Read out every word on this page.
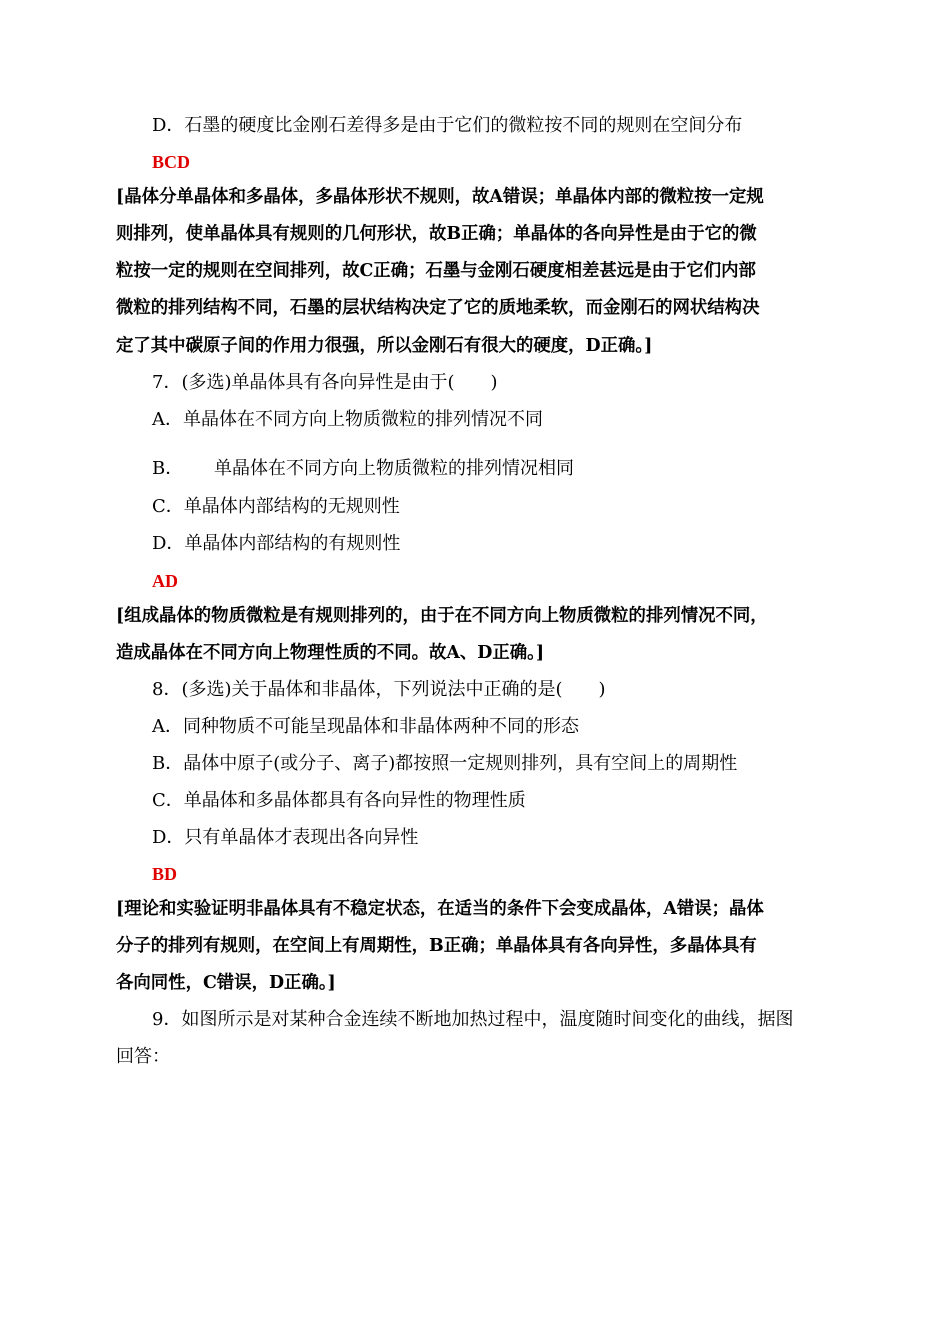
D．石墨的硬度比金刚石差得多是由于它们的微粒按不同的规则在空间分布
BCD
[晶体分单晶体和多晶体，多晶体形状不规则，故A错误；单晶体内部的微粒按一定规
则排列，使单晶体具有规则的几何形状，故B正确；单晶体的各向异性是由于它的微
粒按一定的规则在空间排列，故C正确；石墨与金刚石硬度相差甚远是由于它们内部
微粒的排列结构不同，石墨的层状结构决定了它的质地柔软，而金刚石的网状结构决
定了其中碳原子间的作用力很强，所以金刚石有很大的硬度，D正确。]
7．(多选)单晶体具有各向异性是由于(　　)
A．单晶体在不同方向上物质微粒的排列情况不同
B． 单晶体在不同方向上物质微粒的排列情况相同
C．单晶体内部结构的无规则性
D．单晶体内部结构的有规则性
AD
[组成晶体的物质微粒是有规则排列的，由于在不同方向上物质微粒的排列情况不同，
造成晶体在不同方向上物理性质的不同。故A、D正确。]
8．(多选)关于晶体和非晶体，下列说法中正确的是(　　)
A．同种物质不可能呈现晶体和非晶体两种不同的形态
B．晶体中原子(或分子、离子)都按照一定规则排列，具有空间上的周期性
C．单晶体和多晶体都具有各向异性的物理性质
D．只有单晶体才表现出各向异性
BD
[理论和实验证明非晶体具有不稳定状态，在适当的条件下会变成晶体，A错误；晶体
分子的排列有规则，在空间上有周期性，B正确；单晶体具有各向异性，多晶体具有
各向同性，C错误，D正确。]
9．如图所示是对某种合金连续不断地加热过程中，温度随时间变化的曲线，据图
回答：
